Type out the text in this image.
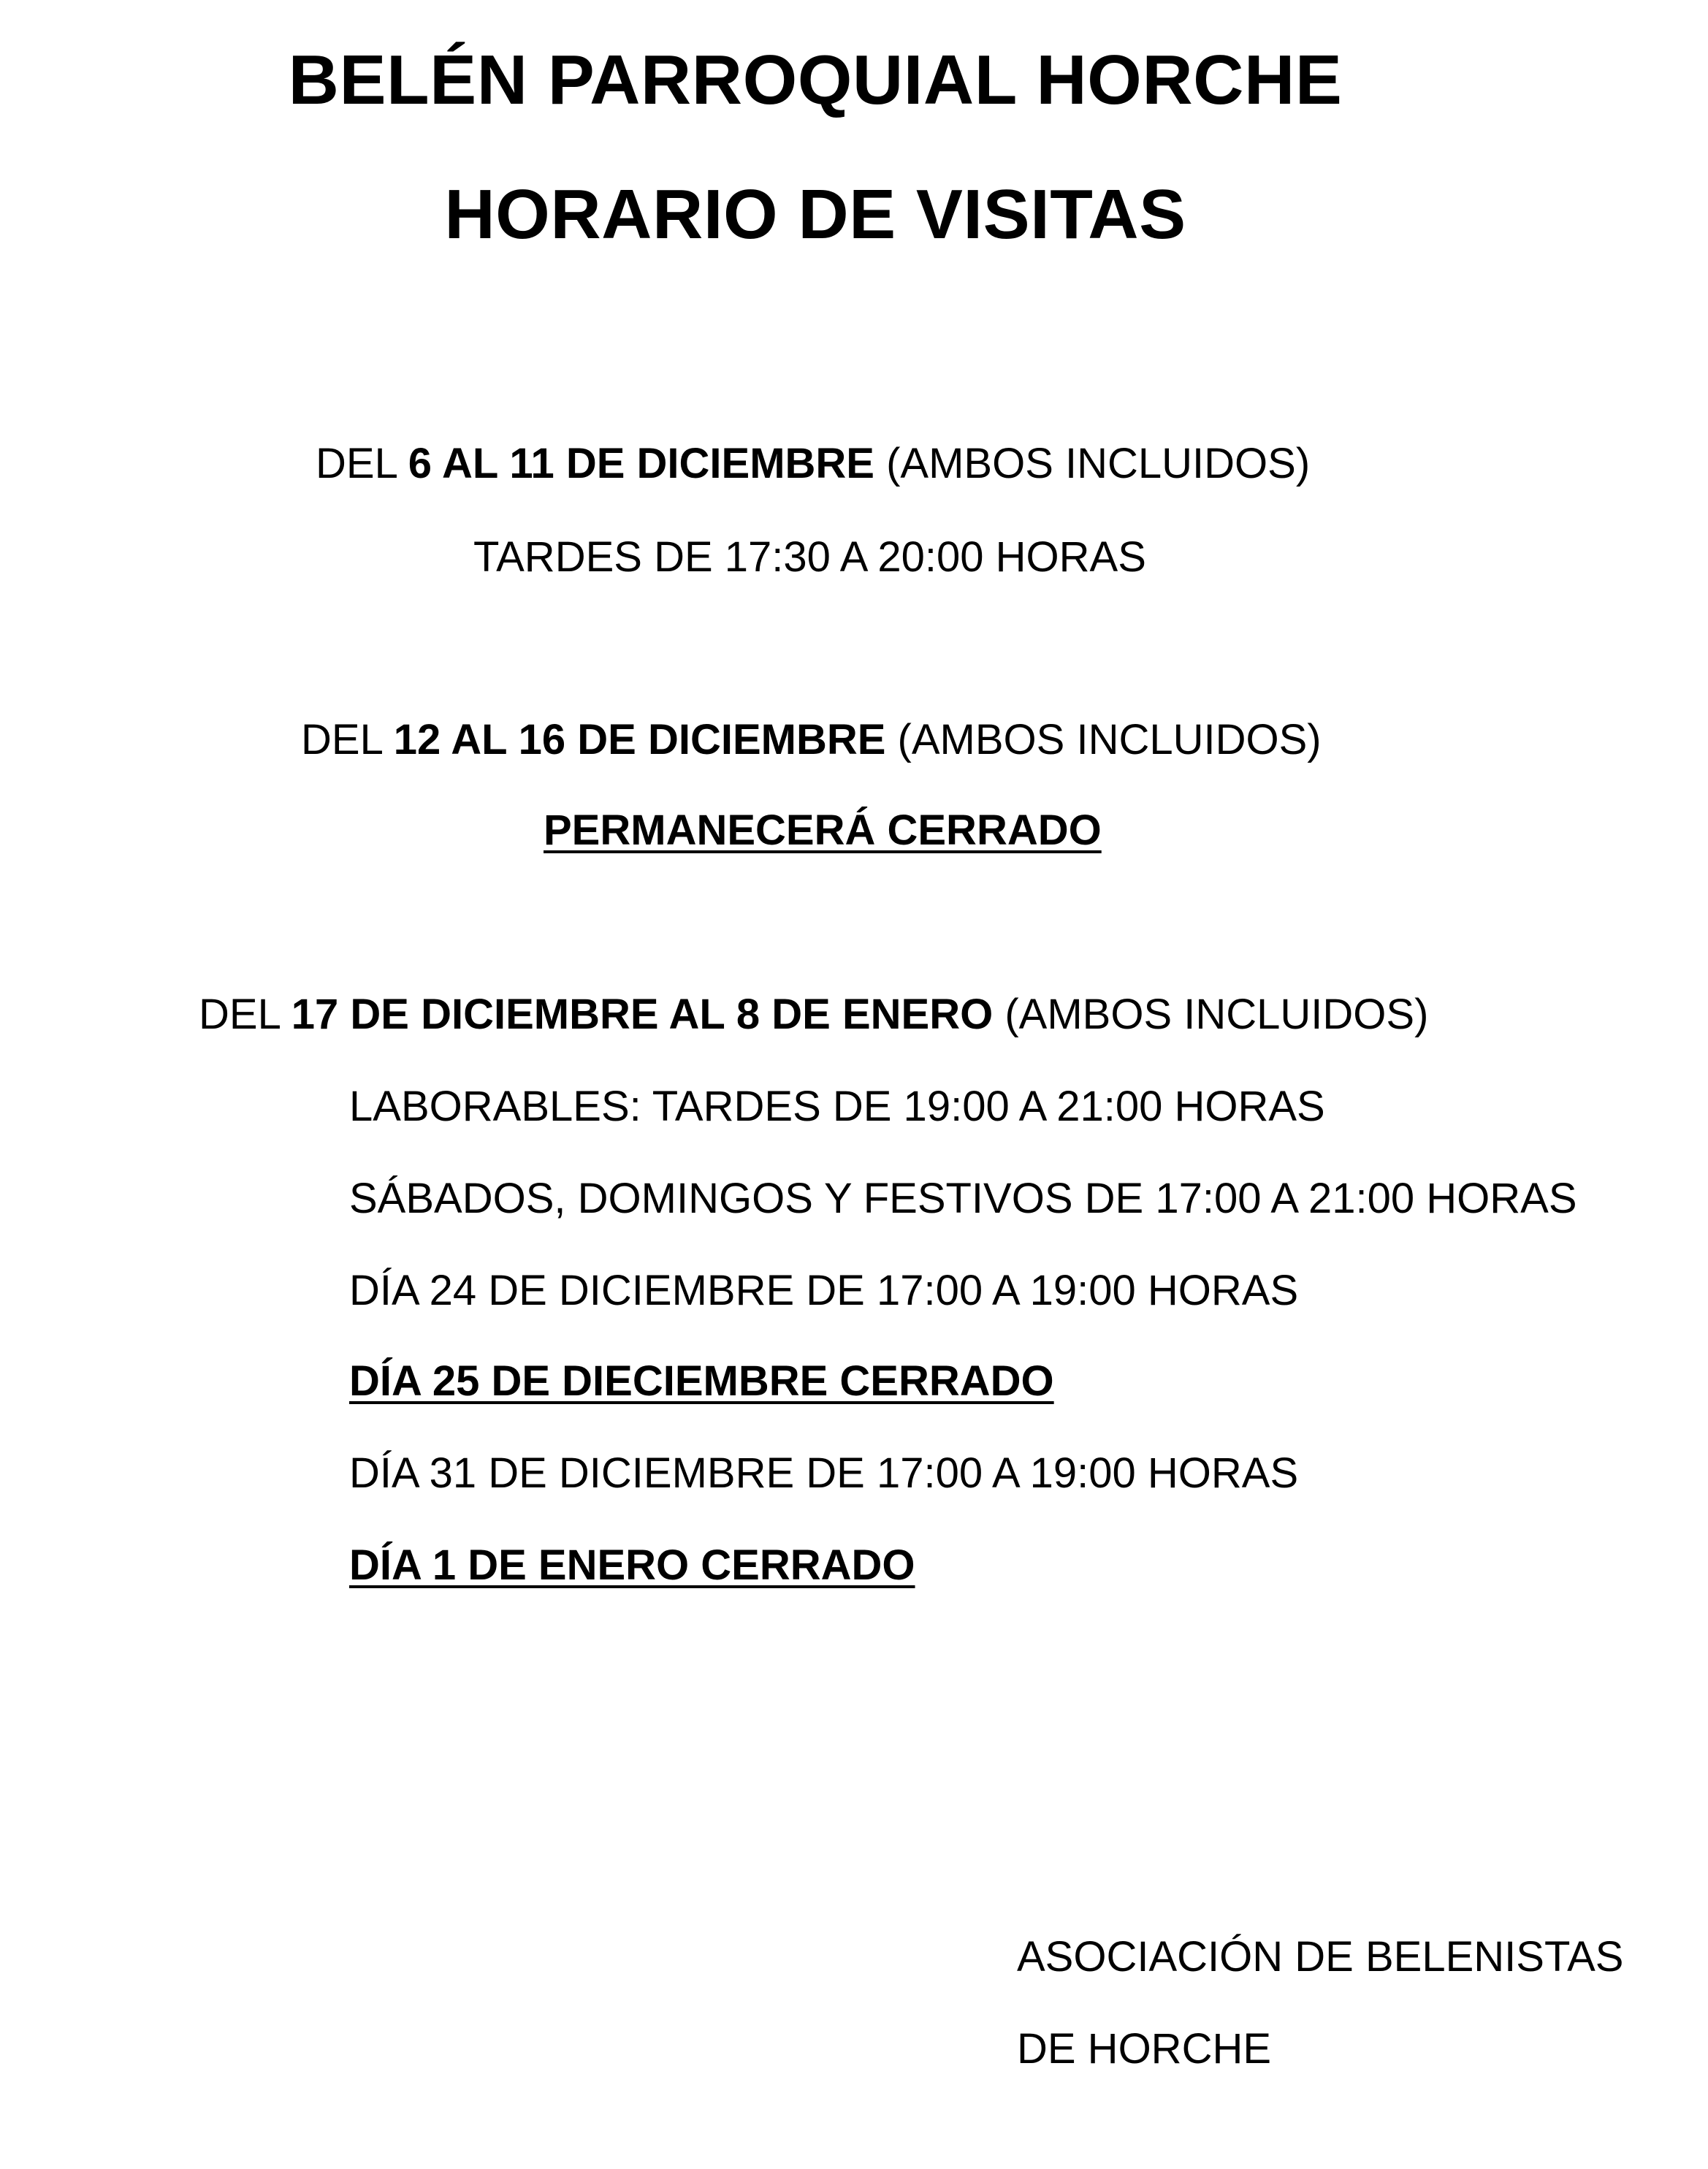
BELÉN PARROQUIAL HORCHE
HORARIO DE VISITAS
DEL 6 AL 11 DE DICIEMBRE (AMBOS INCLUIDOS)
TARDES DE 17:30 A 20:00 HORAS
DEL 12 AL 16 DE DICIEMBRE (AMBOS INCLUIDOS)
PERMANECERÁ CERRADO
DEL 17 DE DICIEMBRE AL 8 DE ENERO (AMBOS INCLUIDOS)
LABORABLES: TARDES DE 19:00 A 21:00 HORAS
SÁBADOS, DOMINGOS Y FESTIVOS DE 17:00 A 21:00 HORAS
DÍA 24 DE DICIEMBRE DE 17:00 A 19:00 HORAS
DÍA 25 DE DIECIEMBRE CERRADO
DÍA 31 DE DICIEMBRE DE 17:00 A 19:00 HORAS
DÍA 1 DE ENERO CERRADO
ASOCIACIÓN DE BELENISTAS
DE HORCHE
